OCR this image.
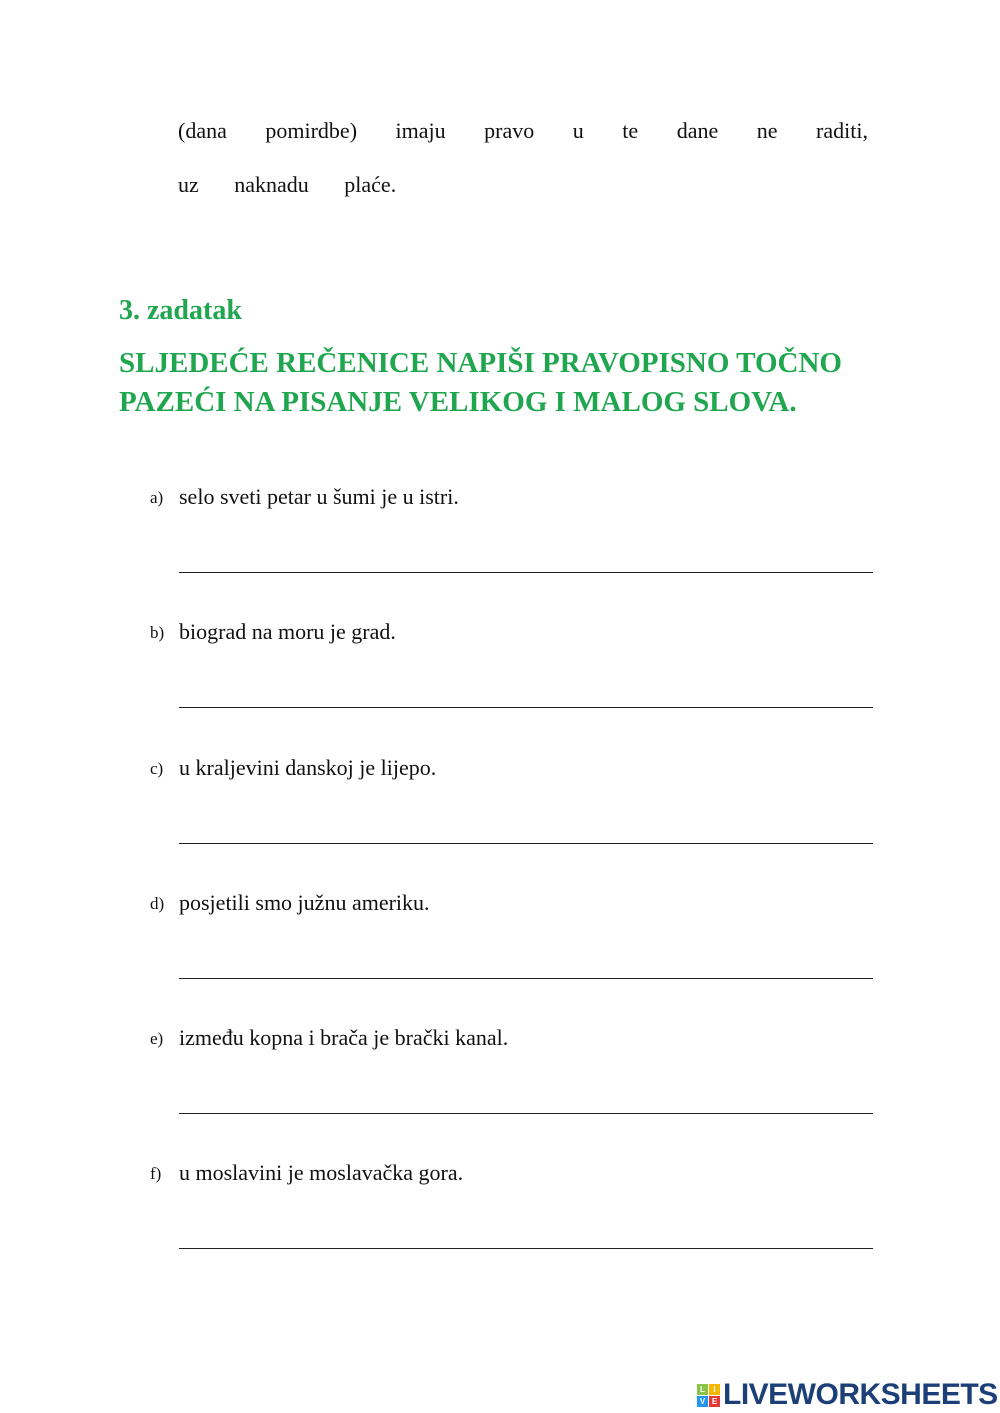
(dana pomirdbe) imaju pravo u te dane ne raditi,
uz naknadu plaće.
3. zadatak
SLJEDEĆE REČENICE NAPIŠI PRAVOPISNO TOČNO PAZEĆI NA PISANJE VELIKOG I MALOG SLOVA.
a) selo sveti petar u šumi je u istri.
b) biograd na moru je grad.
c) u kraljevini danskoj je lijepo.
d) posjetili smo južnu ameriku.
e) između kopna i brača je bračk​i kanal.
f) u moslavini je moslavačka gora.
L	I
V E LIVEWORKSHEETS
